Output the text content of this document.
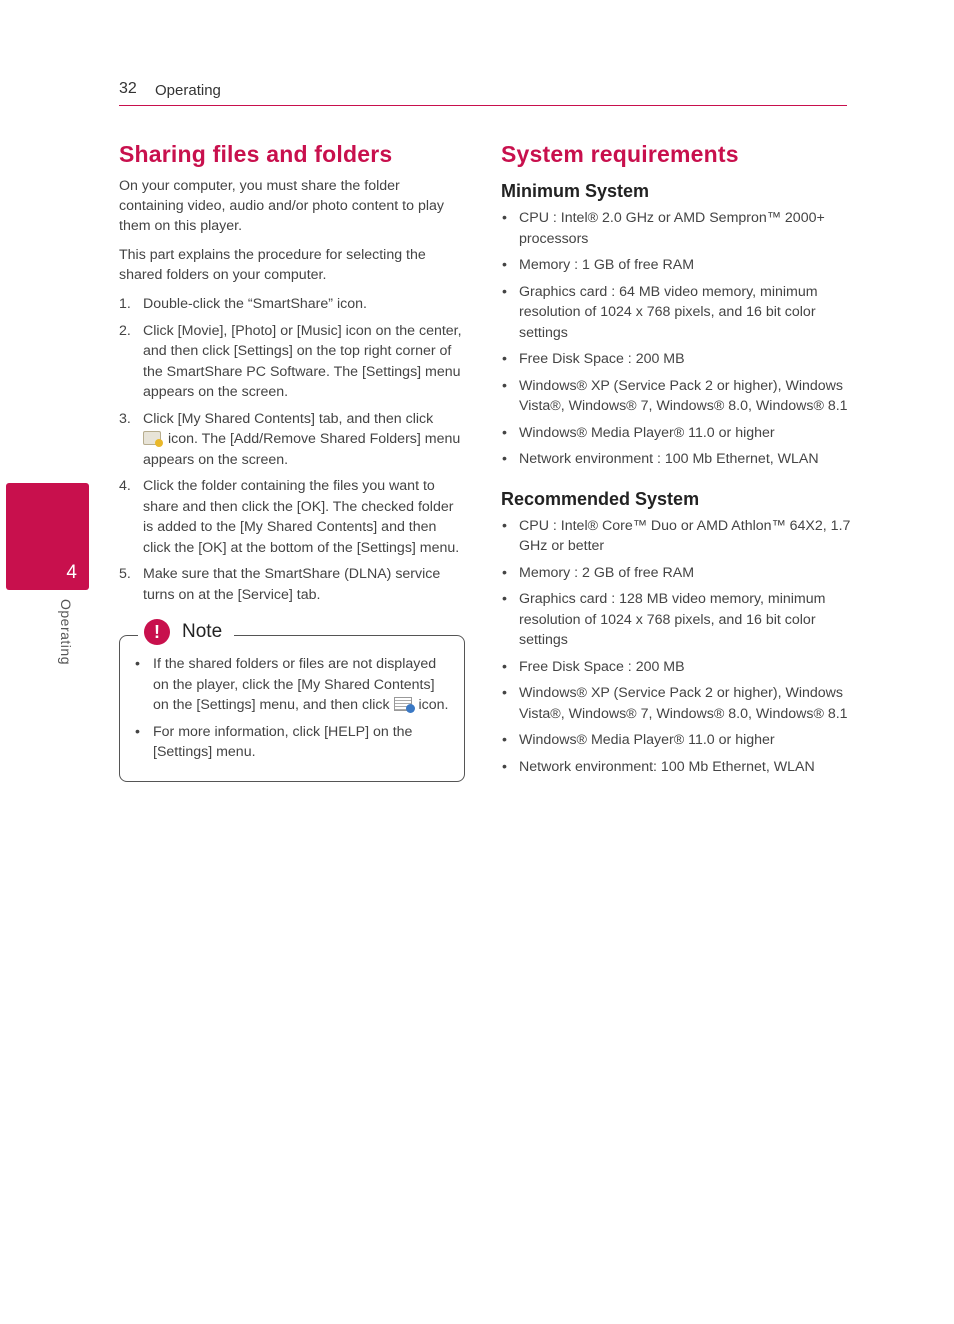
32 Operating
4
Operating
Sharing files and folders

On your computer, you must share the folder containing video, audio and/or photo content to play them on this player.

This part explains the procedure for selecting the shared folders on your computer.

1. Double-click the “SmartShare” icon.
2. Click [Movie], [Photo] or [Music] icon on the center, and then click [Settings] on the top right corner of the SmartShare PC Software. The [Settings] menu appears on the screen.
3. Click [My Shared Contents] tab, and then click
icon. The [Add/Remove Shared Folders] menu appears on the screen.
4. Click the folder containing the files you want to share and then click the [OK]. The checked folder is added to the [My Shared Contents] and then click the [OK] at the bottom of the [Settings] menu.
5. Make sure that the SmartShare (DLNA) service turns on at the [Service] tab.
!	Note
• If the shared folders or files are not displayed on the player, click the [My Shared Contents] on the [Settings] menu, and then click icon.
• For more information, click [HELP] on the [Settings] menu.
System requirements
Minimum System
• CPU : Intel® 2.0 GHz or AMD Sempron™ 2000+ processors
• Memory : 1 GB of free RAM
• Graphics card : 64 MB video memory, minimum resolution of 1024 x 768 pixels, and 16 bit color settings
• Free Disk Space : 200 MB
• Windows® XP (Service Pack 2 or higher), Windows Vista®, Windows® 7, Windows® 8.0, Windows® 8.1
• Windows® Media Player® 11.0 or higher
• Network environment : 100 Mb Ethernet, WLAN
Recommended System
• CPU : Intel® Core™ Duo or AMD Athlon™ 64X2, 1.7 GHz or better
• Memory : 2 GB of free RAM
• Graphics card : 128 MB video memory, minimum resolution of 1024 x 768 pixels, and 16 bit color settings
• Free Disk Space : 200 MB
• Windows® XP (Service Pack 2 or higher), Windows Vista®, Windows® 7, Windows® 8.0, Windows® 8.1
• Windows® Media Player® 11.0 or higher
• Network environment: 100 Mb Ethernet, WLAN
